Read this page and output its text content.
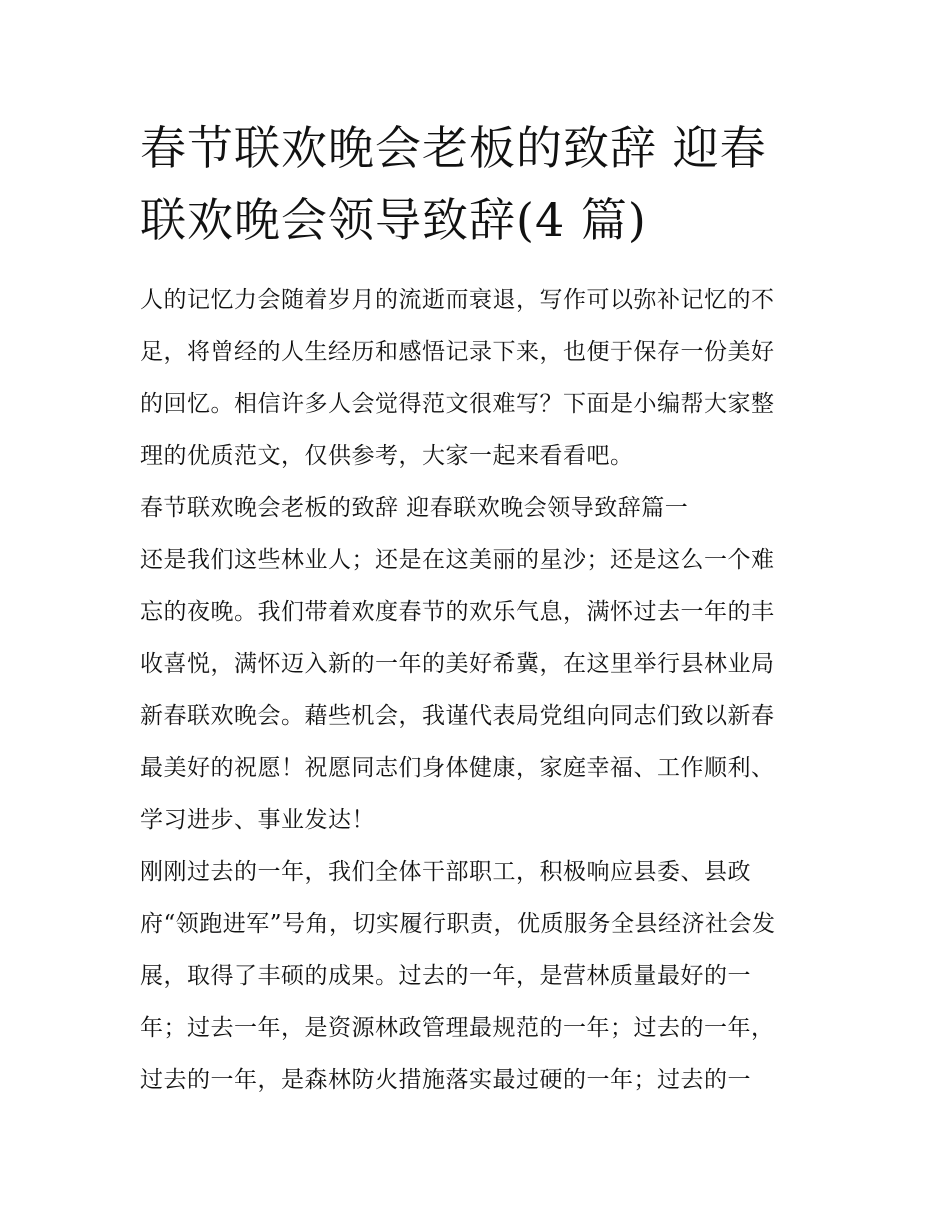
春节联欢晚会老板的致辞 迎春
联欢晚会领导致辞(4 篇)

人的记忆力会随着岁月的流逝而衰退，写作可以弥补记忆的不
足，将曾经的人生经历和感悟记录下来，也便于保存一份美好
的回忆。相信许多人会觉得范文很难写？下面是小编帮大家整
理的优质范文，仅供参考，大家一起来看看吧。

春节联欢晚会老板的致辞 迎春联欢晚会领导致辞篇一

还是我们这些林业人；还是在这美丽的星沙；还是这么一个难
忘的夜晚。我们带着欢度春节的欢乐气息，满怀过去一年的丰
收喜悦，满怀迈入新的一年的美好希冀，在这里举行县林业局
新春联欢晚会。藉些机会，我谨代表局党组向同志们致以新春
最美好的祝愿！祝愿同志们身体健康，家庭幸福、工作顺利、
学习进步、事业发达！

刚刚过去的一年，我们全体干部职工，积极响应县委、县政
府“领跑进军”号角，切实履行职责，优质服务全县经济社会发
展，取得了丰硕的成果。过去的一年，是营林质量最好的一
年；过去一年，是资源林政管理最规范的一年；过去的一年，
过去的一年，是森林防火措施落实最过硬的一年；过去的一
